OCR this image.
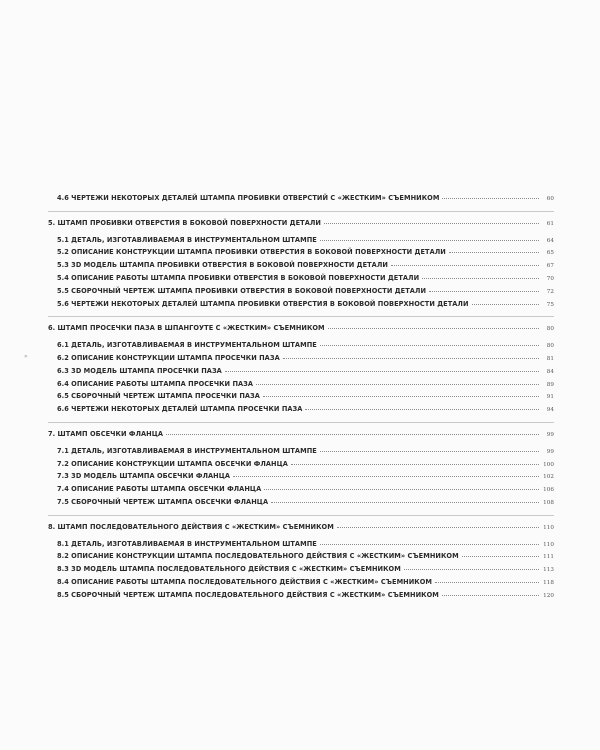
»
4.6 ЧЕРТЕЖИ НЕКОТОРЫХ ДЕТАЛЕЙ ШТАМПА ПРОБИВКИ ОТВЕРСТИЙ С «ЖЕСТКИМ» СЪЕМНИКОМ	60
5. ШТАМП ПРОБИВКИ ОТВЕРСТИЯ В БОКОВОЙ ПОВЕРХНОСТИ ДЕТАЛИ	61
5.1 ДЕТАЛЬ, ИЗГОТАВЛИВАЕМАЯ В ИНСТРУМЕНТАЛЬНОМ ШТАМПЕ	64
5.2 ОПИСАНИЕ КОНСТРУКЦИИ ШТАМПА ПРОБИВКИ ОТВЕРСТИЯ В БОКОВОЙ ПОВЕРХНОСТИ ДЕТАЛИ	65
5.3 3D МОДЕЛЬ ШТАМПА ПРОБИВКИ ОТВЕРСТИЯ В БОКОВОЙ ПОВЕРХНОСТИ ДЕТАЛИ	67
5.4 ОПИСАНИЕ РАБОТЫ ШТАМПА ПРОБИВКИ ОТВЕРСТИЯ В БОКОВОЙ ПОВЕРХНОСТИ ДЕТАЛИ	70
5.5 СБОРОЧНЫЙ ЧЕРТЕЖ ШТАМПА ПРОБИВКИ ОТВЕРСТИЯ В БОКОВОЙ ПОВЕРХНОСТИ ДЕТАЛИ	72
5.6 ЧЕРТЕЖИ НЕКОТОРЫХ ДЕТАЛЕЙ ШТАМПА ПРОБИВКИ ОТВЕРСТИЯ В БОКОВОЙ ПОВЕРХНОСТИ ДЕТАЛИ	75
6. ШТАМП ПРОСЕЧКИ ПАЗА В ШПАНГОУТЕ С «ЖЕСТКИМ» СЪЕМНИКОМ	80
6.1 ДЕТАЛЬ, ИЗГОТАВЛИВАЕМАЯ В ИНСТРУМЕНТАЛЬНОМ ШТАМПЕ	80
6.2 ОПИСАНИЕ КОНСТРУКЦИИ ШТАМПА ПРОСЕЧКИ ПАЗА	81
6.3 3D МОДЕЛЬ ШТАМПА ПРОСЕЧКИ ПАЗА	84
6.4 ОПИСАНИЕ РАБОТЫ ШТАМПА ПРОСЕЧКИ ПАЗА	89
6.5 СБОРОЧНЫЙ ЧЕРТЕЖ ШТАМПА ПРОСЕЧКИ ПАЗА	91
6.6 ЧЕРТЕЖИ НЕКОТОРЫХ ДЕТАЛЕЙ ШТАМПА ПРОСЕЧКИ ПАЗА	94
7. ШТАМП ОБСЕЧКИ ФЛАНЦА	99
7.1 ДЕТАЛЬ, ИЗГОТАВЛИВАЕМАЯ В ИНСТРУМЕНТАЛЬНОМ ШТАМПЕ	99
7.2 ОПИСАНИЕ КОНСТРУКЦИИ ШТАМПА ОБСЕЧКИ ФЛАНЦА	100
7.3 3D МОДЕЛЬ ШТАМПА ОБСЕЧКИ ФЛАНЦА	102
7.4 ОПИСАНИЕ РАБОТЫ ШТАМПА ОБСЕЧКИ ФЛАНЦА	106
7.5 СБОРОЧНЫЙ ЧЕРТЕЖ ШТАМПА ОБСЕЧКИ ФЛАНЦА	108
8. ШТАМП ПОСЛЕДОВАТЕЛЬНОГО ДЕЙСТВИЯ С «ЖЕСТКИМ» СЪЕМНИКОМ	110
8.1 ДЕТАЛЬ, ИЗГОТАВЛИВАЕМАЯ В ИНСТРУМЕНТАЛЬНОМ ШТАМПЕ	110
8.2 ОПИСАНИЕ КОНСТРУКЦИИ ШТАМПА ПОСЛЕДОВАТЕЛЬНОГО ДЕЙСТВИЯ С «ЖЕСТКИМ» СЪЕМНИКОМ	111
8.3 3D МОДЕЛЬ ШТАМПА ПОСЛЕДОВАТЕЛЬНОГО ДЕЙСТВИЯ С «ЖЕСТКИМ» СЪЕМНИКОМ	113
8.4 ОПИСАНИЕ РАБОТЫ ШТАМПА ПОСЛЕДОВАТЕЛЬНОГО ДЕЙСТВИЯ С «ЖЕСТКИМ» СЪЕМНИКОМ	118
8.5 СБОРОЧНЫЙ ЧЕРТЕЖ ШТАМПА ПОСЛЕДОВАТЕЛЬНОГО ДЕЙСТВИЯ С «ЖЕСТКИМ» СЪЕМНИКОМ	120
